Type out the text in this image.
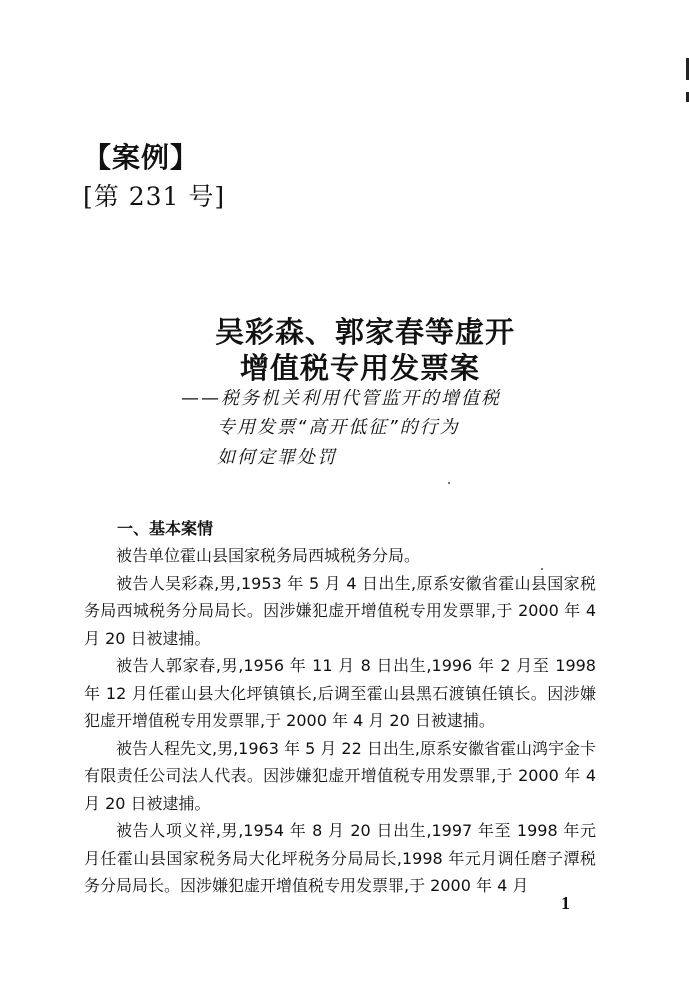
【案例】
[第 231 号]
吴彩森、郭家春等虚开
增值税专用发票案
——税务机关利用代管监开的增值税
专用发票“高开低征”的行为
如何定罪处罚
一、基本案情

被告单位霍山县国家税务局西城税务分局。

被告人吴彩森,男,1953 年 5 月 4 日出生,原系安徽省霍山县国家税务局西城税务分局局长。因涉嫌犯虚开增值税专用发票罪,于 2000 年 4 月 20 日被逮捕。

被告人郭家春,男,1956 年 11 月 8 日出生,1996 年 2 月至 1998 年 12 月任霍山县大化坪镇镇长,后调至霍山县黑石渡镇任镇长。因涉嫌犯虚开增值税专用发票罪,于 2000 年 4 月 20 日被逮捕。

被告人程先文,男,1963 年 5 月 22 日出生,原系安徽省霍山鸿宇金卡有限责任公司法人代表。因涉嫌犯虚开增值税专用发票罪,于 2000 年 4 月 20 日被逮捕。

被告人项义祥,男,1954 年 8 月 20 日出生,1997 年至 1998 年元月任霍山县国家税务局大化坪税务分局局长,1998 年元月调任磨子潭税务分局局长。因涉嫌犯虚开增值税专用发票罪,于 2000 年 4 月

1
